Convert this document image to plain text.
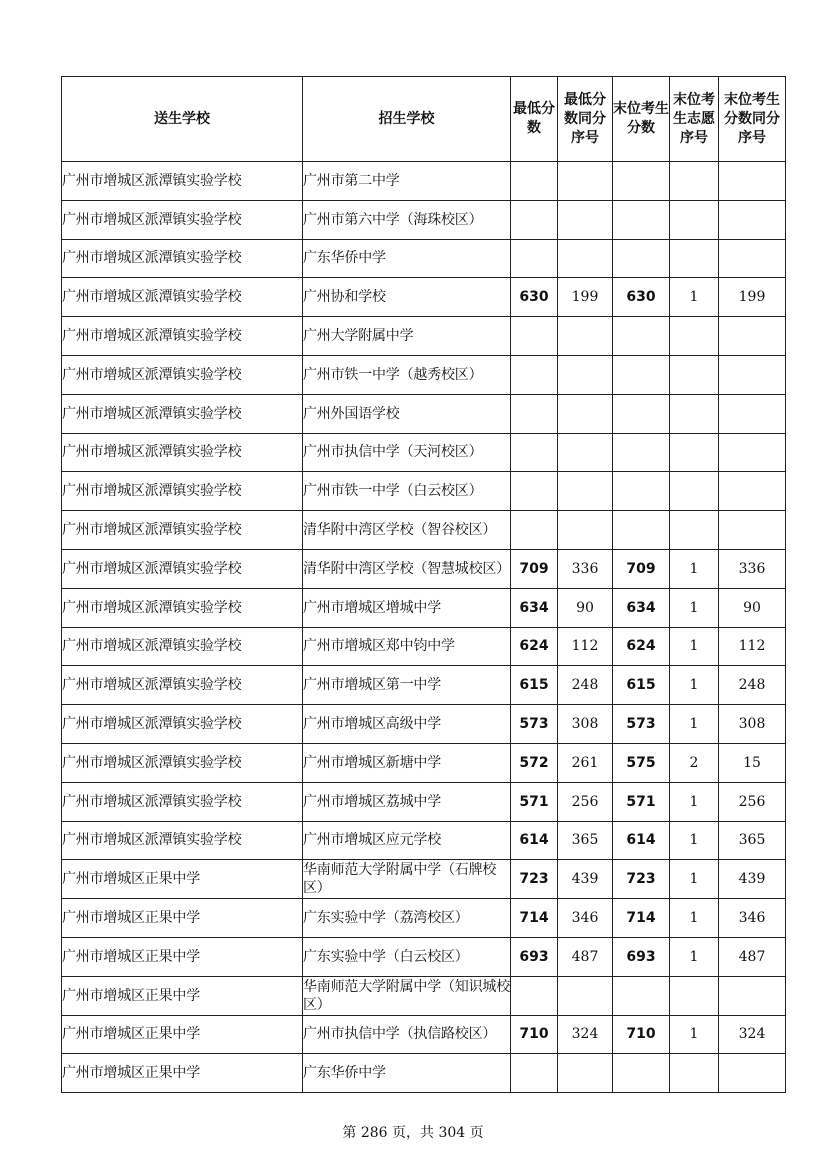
送生学校	招生学校	最低分数	最低分数同分序号	末位考生分数	末位考生志愿序号	末位考生分数同分序号
广州市增城区派潭镇实验学校	广州市第二中学					
广州市增城区派潭镇实验学校	广州市第六中学（海珠校区）					
广州市增城区派潭镇实验学校	广东华侨中学					
广州市增城区派潭镇实验学校	广州协和学校	630	199	630	1	199
广州市增城区派潭镇实验学校	广州大学附属中学					
广州市增城区派潭镇实验学校	广州市铁一中学（越秀校区）					
广州市增城区派潭镇实验学校	广州外国语学校					
广州市增城区派潭镇实验学校	广州市执信中学（天河校区）					
广州市增城区派潭镇实验学校	广州市铁一中学（白云校区）					
广州市增城区派潭镇实验学校	清华附中湾区学校（智谷校区）					
广州市增城区派潭镇实验学校	清华附中湾区学校（智慧城校区）	709	336	709	1	336
广州市增城区派潭镇实验学校	广州市增城区增城中学	634	90	634	1	90
广州市增城区派潭镇实验学校	广州市增城区郑中钧中学	624	112	624	1	112
广州市增城区派潭镇实验学校	广州市增城区第一中学	615	248	615	1	248
广州市增城区派潭镇实验学校	广州市增城区高级中学	573	308	573	1	308
广州市增城区派潭镇实验学校	广州市增城区新塘中学	572	261	575	2	15
广州市增城区派潭镇实验学校	广州市增城区荔城中学	571	256	571	1	256
广州市增城区派潭镇实验学校	广州市增城区应元学校	614	365	614	1	365
广州市增城区正果中学	华南师范大学附属中学（石牌校区）	723	439	723	1	439
广州市增城区正果中学	广东实验中学（荔湾校区）	714	346	714	1	346
广州市增城区正果中学	广东实验中学（白云校区）	693	487	693	1	487
广州市增城区正果中学	华南师范大学附属中学（知识城校区）					
广州市增城区正果中学	广州市执信中学（执信路校区）	710	324	710	1	324
广州市增城区正果中学	广东华侨中学					
第 286 页，共 304 页
